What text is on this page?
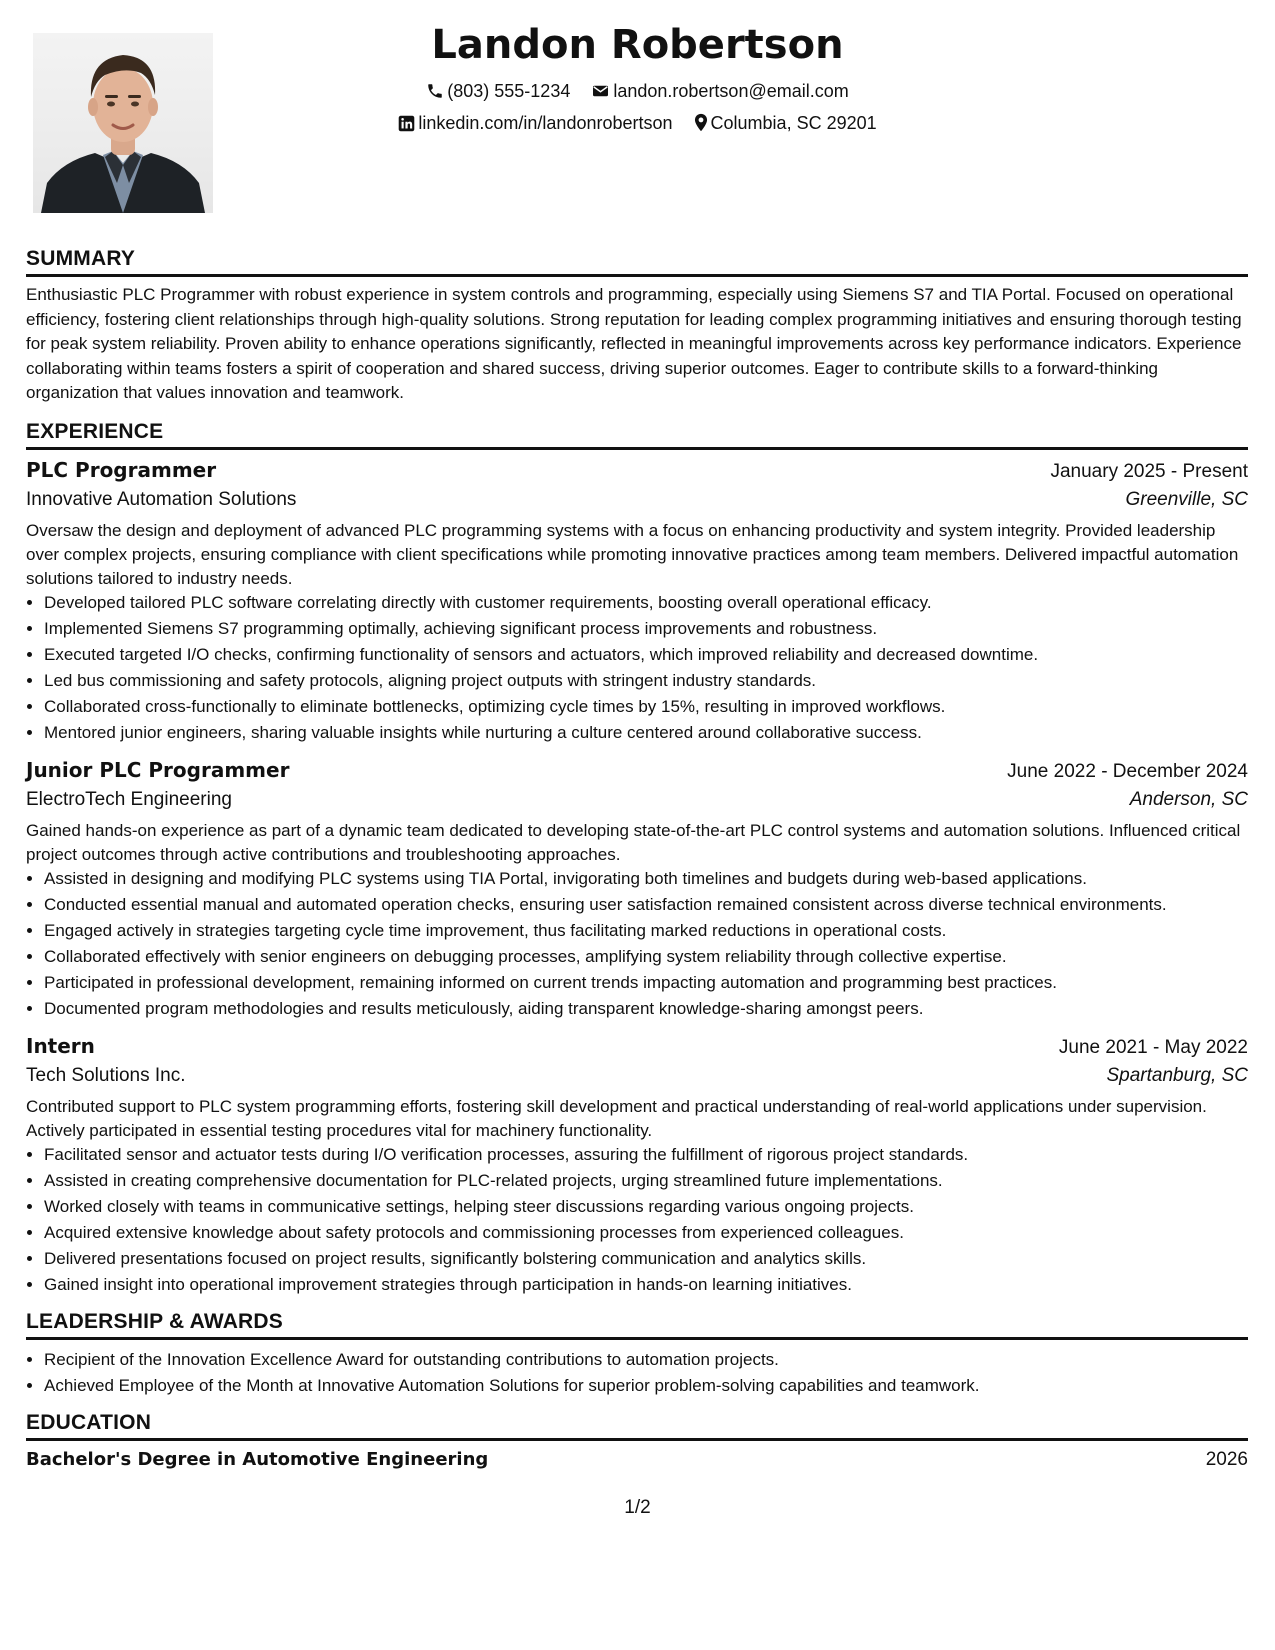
Landon Robertson
(803) 555-1234 landon.robertson@email.com
linkedin.com/in/landonrobertson Columbia, SC 29201
SUMMARY
Enthusiastic PLC Programmer with robust experience in system controls and programming, especially using Siemens S7 and TIA Portal. Focused on operational efficiency, fostering client relationships through high-quality solutions. Strong reputation for leading complex programming initiatives and ensuring thorough testing for peak system reliability. Proven ability to enhance operations significantly, reflected in meaningful improvements across key performance indicators. Experience collaborating within teams fosters a spirit of cooperation and shared success, driving superior outcomes. Eager to contribute skills to a forward-thinking organization that values innovation and teamwork.
EXPERIENCE
PLC Programmer	January 2025 - Present
Innovative Automation Solutions	Greenville, SC
Oversaw the design and deployment of advanced PLC programming systems with a focus on enhancing productivity and system integrity. Provided leadership over complex projects, ensuring compliance with client specifications while promoting innovative practices among team members. Delivered impactful automation solutions tailored to industry needs.
• Developed tailored PLC software correlating directly with customer requirements, boosting overall operational efficacy.
• Implemented Siemens S7 programming optimally, achieving significant process improvements and robustness.
• Executed targeted I/O checks, confirming functionality of sensors and actuators, which improved reliability and decreased downtime.
• Led bus commissioning and safety protocols, aligning project outputs with stringent industry standards.
• Collaborated cross-functionally to eliminate bottlenecks, optimizing cycle times by 15%, resulting in improved workflows.
• Mentored junior engineers, sharing valuable insights while nurturing a culture centered around collaborative success.
Junior PLC Programmer	June 2022 - December 2024
ElectroTech Engineering	Anderson, SC
Gained hands-on experience as part of a dynamic team dedicated to developing state-of-the-art PLC control systems and automation solutions. Influenced critical project outcomes through active contributions and troubleshooting approaches.
• Assisted in designing and modifying PLC systems using TIA Portal, invigorating both timelines and budgets during web-based applications.
• Conducted essential manual and automated operation checks, ensuring user satisfaction remained consistent across diverse technical environments.
• Engaged actively in strategies targeting cycle time improvement, thus facilitating marked reductions in operational costs.
• Collaborated effectively with senior engineers on debugging processes, amplifying system reliability through collective expertise.
• Participated in professional development, remaining informed on current trends impacting automation and programming best practices.
• Documented program methodologies and results meticulously, aiding transparent knowledge-sharing amongst peers.
Intern	June 2021 - May 2022
Tech Solutions Inc.	Spartanburg, SC
Contributed support to PLC system programming efforts, fostering skill development and practical understanding of real-world applications under supervision. Actively participated in essential testing procedures vital for machinery functionality.
• Facilitated sensor and actuator tests during I/O verification processes, assuring the fulfillment of rigorous project standards.
• Assisted in creating comprehensive documentation for PLC-related projects, urging streamlined future implementations.
• Worked closely with teams in communicative settings, helping steer discussions regarding various ongoing projects.
• Acquired extensive knowledge about safety protocols and commissioning processes from experienced colleagues.
• Delivered presentations focused on project results, significantly bolstering communication and analytics skills.
• Gained insight into operational improvement strategies through participation in hands-on learning initiatives.
LEADERSHIP & AWARDS
• Recipient of the Innovation Excellence Award for outstanding contributions to automation projects.
• Achieved Employee of the Month at Innovative Automation Solutions for superior problem-solving capabilities and teamwork.
EDUCATION
Bachelor's Degree in Automotive Engineering	2026
1/2
